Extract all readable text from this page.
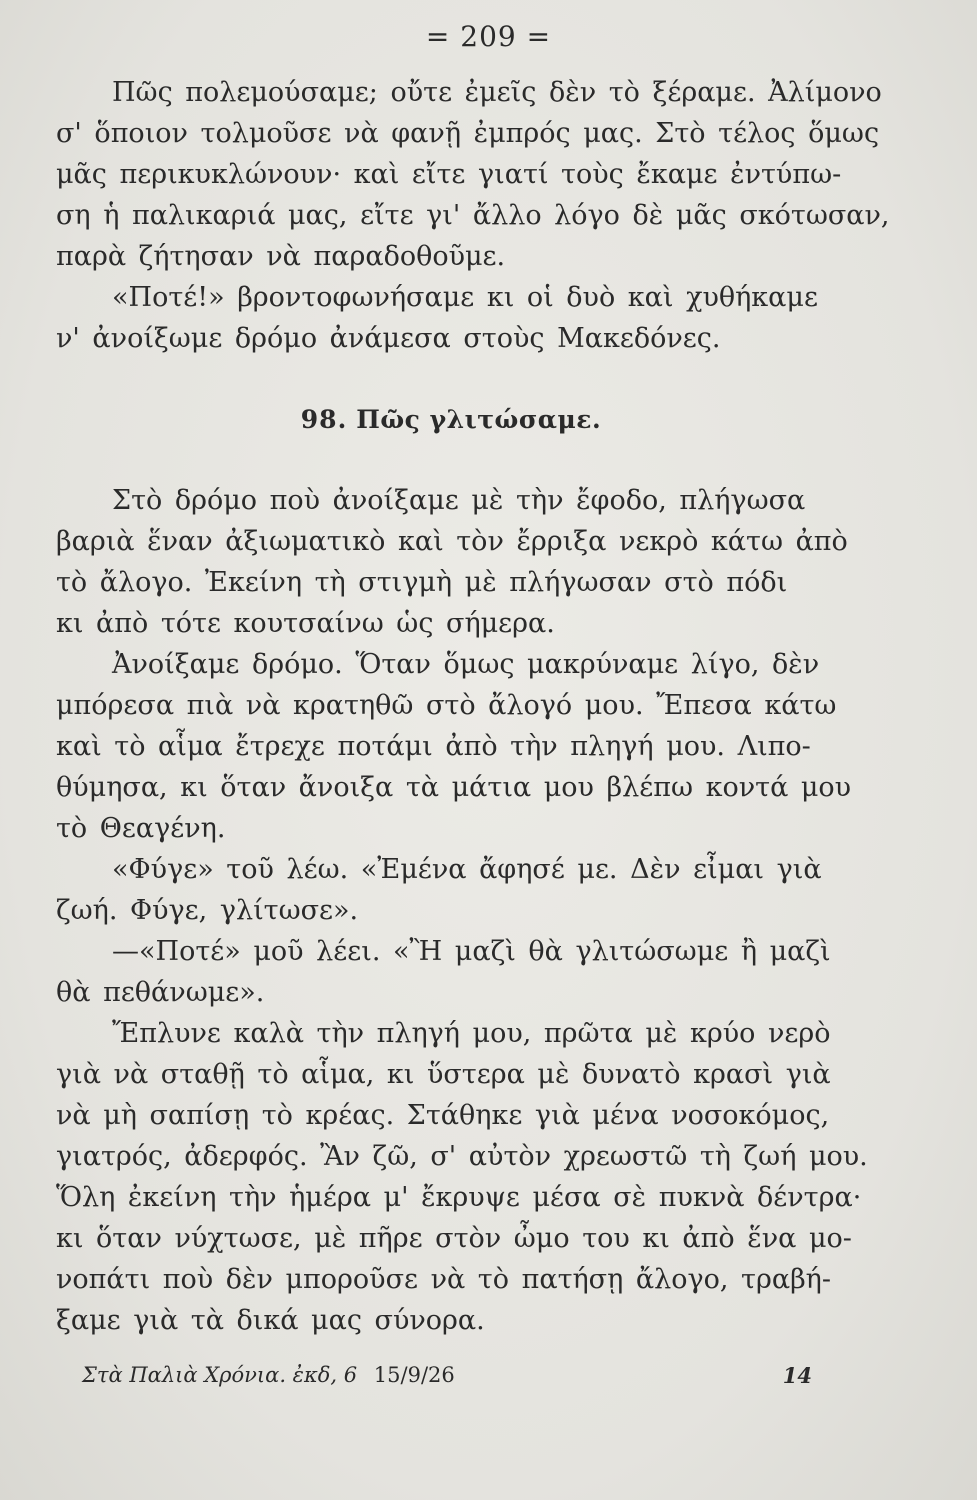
= 209 =
Πῶς πολεμούσαμε; οὔτε ἐμεῖς δὲν τὸ ξέραμε. Ἀλίμονο
σ' ὅποιον τολμοῦσε νὰ φανῇ ἐμπρός μας. Στὸ τέλος ὅμως
μᾶς περικυκλώνουν· καὶ εἴτε γιατί τοὺς ἔκαμε ἐντύπω-
ση ἡ παλικαριά μας, εἴτε γι' ἄλλο λόγο δὲ μᾶς σκότωσαν,
παρὰ ζήτησαν νὰ παραδοθοῦμε.
«Ποτέ!» βροντοφωνήσαμε κι οἱ δυὸ καὶ χυθήκαμε
ν' ἀνοίξωμε δρόμο ἀνάμεσα στοὺς Μακεδόνες.
98. Πῶς γλιτώσαμε.
Στὸ δρόμο ποὺ ἀνοίξαμε μὲ τὴν ἔφοδο, πλήγωσα
βαριὰ ἕναν ἀξιωματικὸ καὶ τὸν ἔρριξα νεκρὸ κάτω ἀπὸ
τὸ ἄλογο. Ἐκείνη τὴ στιγμὴ μὲ πλήγωσαν στὸ πόδι
κι ἀπὸ τότε κουτσαίνω ὡς σήμερα.
Ἀνοίξαμε δρόμο. Ὅταν ὅμως μακρύναμε λίγο, δὲν
μπόρεσα πιὰ νὰ κρατηθῶ στὸ ἄλογό μου. Ἔπεσα κάτω
καὶ τὸ αἷμα ἔτρεχε ποτάμι ἀπὸ τὴν πληγή μου. Λιπο-
θύμησα, κι ὅταν ἄνοιξα τὰ μάτια μου βλέπω κοντά μου
τὸ Θεαγένη.
«Φύγε» τοῦ λέω. «Ἐμένα ἄφησέ με. Δὲν εἶμαι γιὰ
ζωή. Φύγε, γλίτωσε».
—«Ποτέ» μοῦ λέει. «Ἢ μαζὶ θὰ γλιτώσωμε ἢ μαζὶ
θὰ πεθάνωμε».
Ἔπλυνε καλὰ τὴν πληγή μου, πρῶτα μὲ κρύο νερὸ
γιὰ νὰ σταθῇ τὸ αἷμα, κι ὕστερα μὲ δυνατὸ κρασὶ γιὰ
νὰ μὴ σαπίσῃ τὸ κρέας. Στάθηκε γιὰ μένα νοσοκόμος,
γιατρός, ἀδερφός. Ἂν ζῶ, σ' αὐτὸν χρεωστῶ τὴ ζωή μου.
Ὅλη ἐκείνη τὴν ἡμέρα μ' ἔκρυψε μέσα σὲ πυκνὰ δέντρα·
κι ὅταν νύχτωσε, μὲ πῆρε στὸν ὦμο του κι ἀπὸ ἕνα μο-
νοπάτι ποὺ δὲν μποροῦσε νὰ τὸ πατήσῃ ἄλογο, τραβή-
ξαμε γιὰ τὰ δικά μας σύνορα.
Στὰ Παλιὰ Χρόνια. ἐκδ, 6 15/9/26	14
